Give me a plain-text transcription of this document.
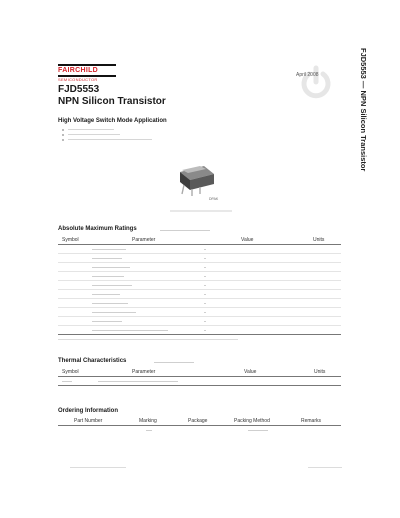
FAIRCHILD
SEMICONDUCTOR
April 2008	FJD5553 — NPN Silicon Transistor
FJD5553
NPN Silicon Transistor
High Voltage Switch Mode Application
DPAK
Absolute Maximum Ratings
Symbol	Parameter	Value	Units
Thermal Characteristics
Symbol	Parameter	Value	Units
Ordering Information
Part Number	Marking	Package	Packing Method	Remarks
